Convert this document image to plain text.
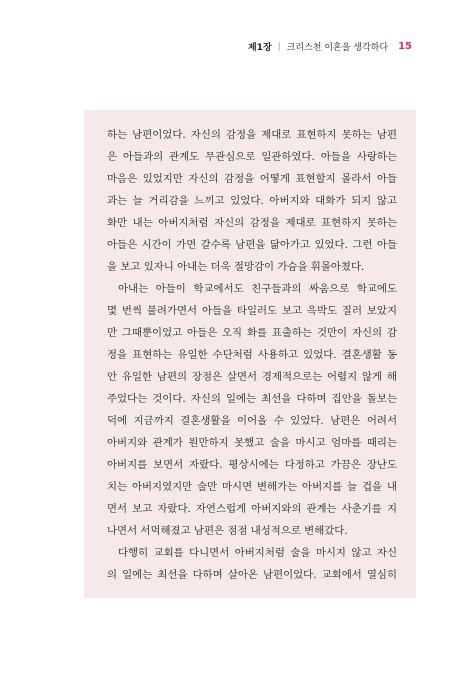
제1장 | 크리스천 이혼을 생각하다 15
하는 남편이었다. 자신의 감정을 제대로 표현하지 못하는 남편
은 아들과의 관계도 무관심으로 일관하였다. 아들을 사랑하는
마음은 있었지만 자신의 감정을 어떻게 표현할지 몰라서 아들
과는 늘 거리감을 느끼고 있었다. 아버지와 대화가 되지 않고
화만 내는 아버지처럼 자신의 감정을 제대로 표현하지 못하는
아들은 시간이 가면 갈수록 남편을 닮아가고 있었다. 그런 아들
을 보고 있자니 아내는 더욱 절망감이 가슴을 휘몰아쳤다.
아내는 아들이 학교에서도 친구들과의 싸움으로 학교에도
몇 번씩 불려가면서 아들을 타일러도 보고 윽박도 질러 보았지
만 그때뿐이었고 아들은 오직 화를 표출하는 것만이 자신의 감
정을 표현하는 유일한 수단처럼 사용하고 있었다. 결혼생활 동
안 유일한 남편의 장점은 살면서 경제적으로는 어렵지 않게 해
주었다는 것이다. 자신의 일에는 최선을 다하며 집안을 돌보는
덕에 지금까지 결혼생활을 이어올 수 있었다. 남편은 어려서
아버지와 관계가 원만하지 못했고 술을 마시고 엄마를 때리는
아버지를 보면서 자랐다. 평상시에는 다정하고 가끔은 장난도
치는 아버지였지만 술만 마시면 변해가는 아버지를 늘 겁을 내
면서 보고 자랐다. 자연스럽게 아버지와의 관계는 사춘기를 지
나면서 서먹해졌고 남편은 점점 내성적으로 변해갔다.
다행히 교회를 다니면서 아버지처럼 술을 마시지 않고 자신
의 일에는 최선을 다하며 살아온 남편이었다. 교회에서 열심히
